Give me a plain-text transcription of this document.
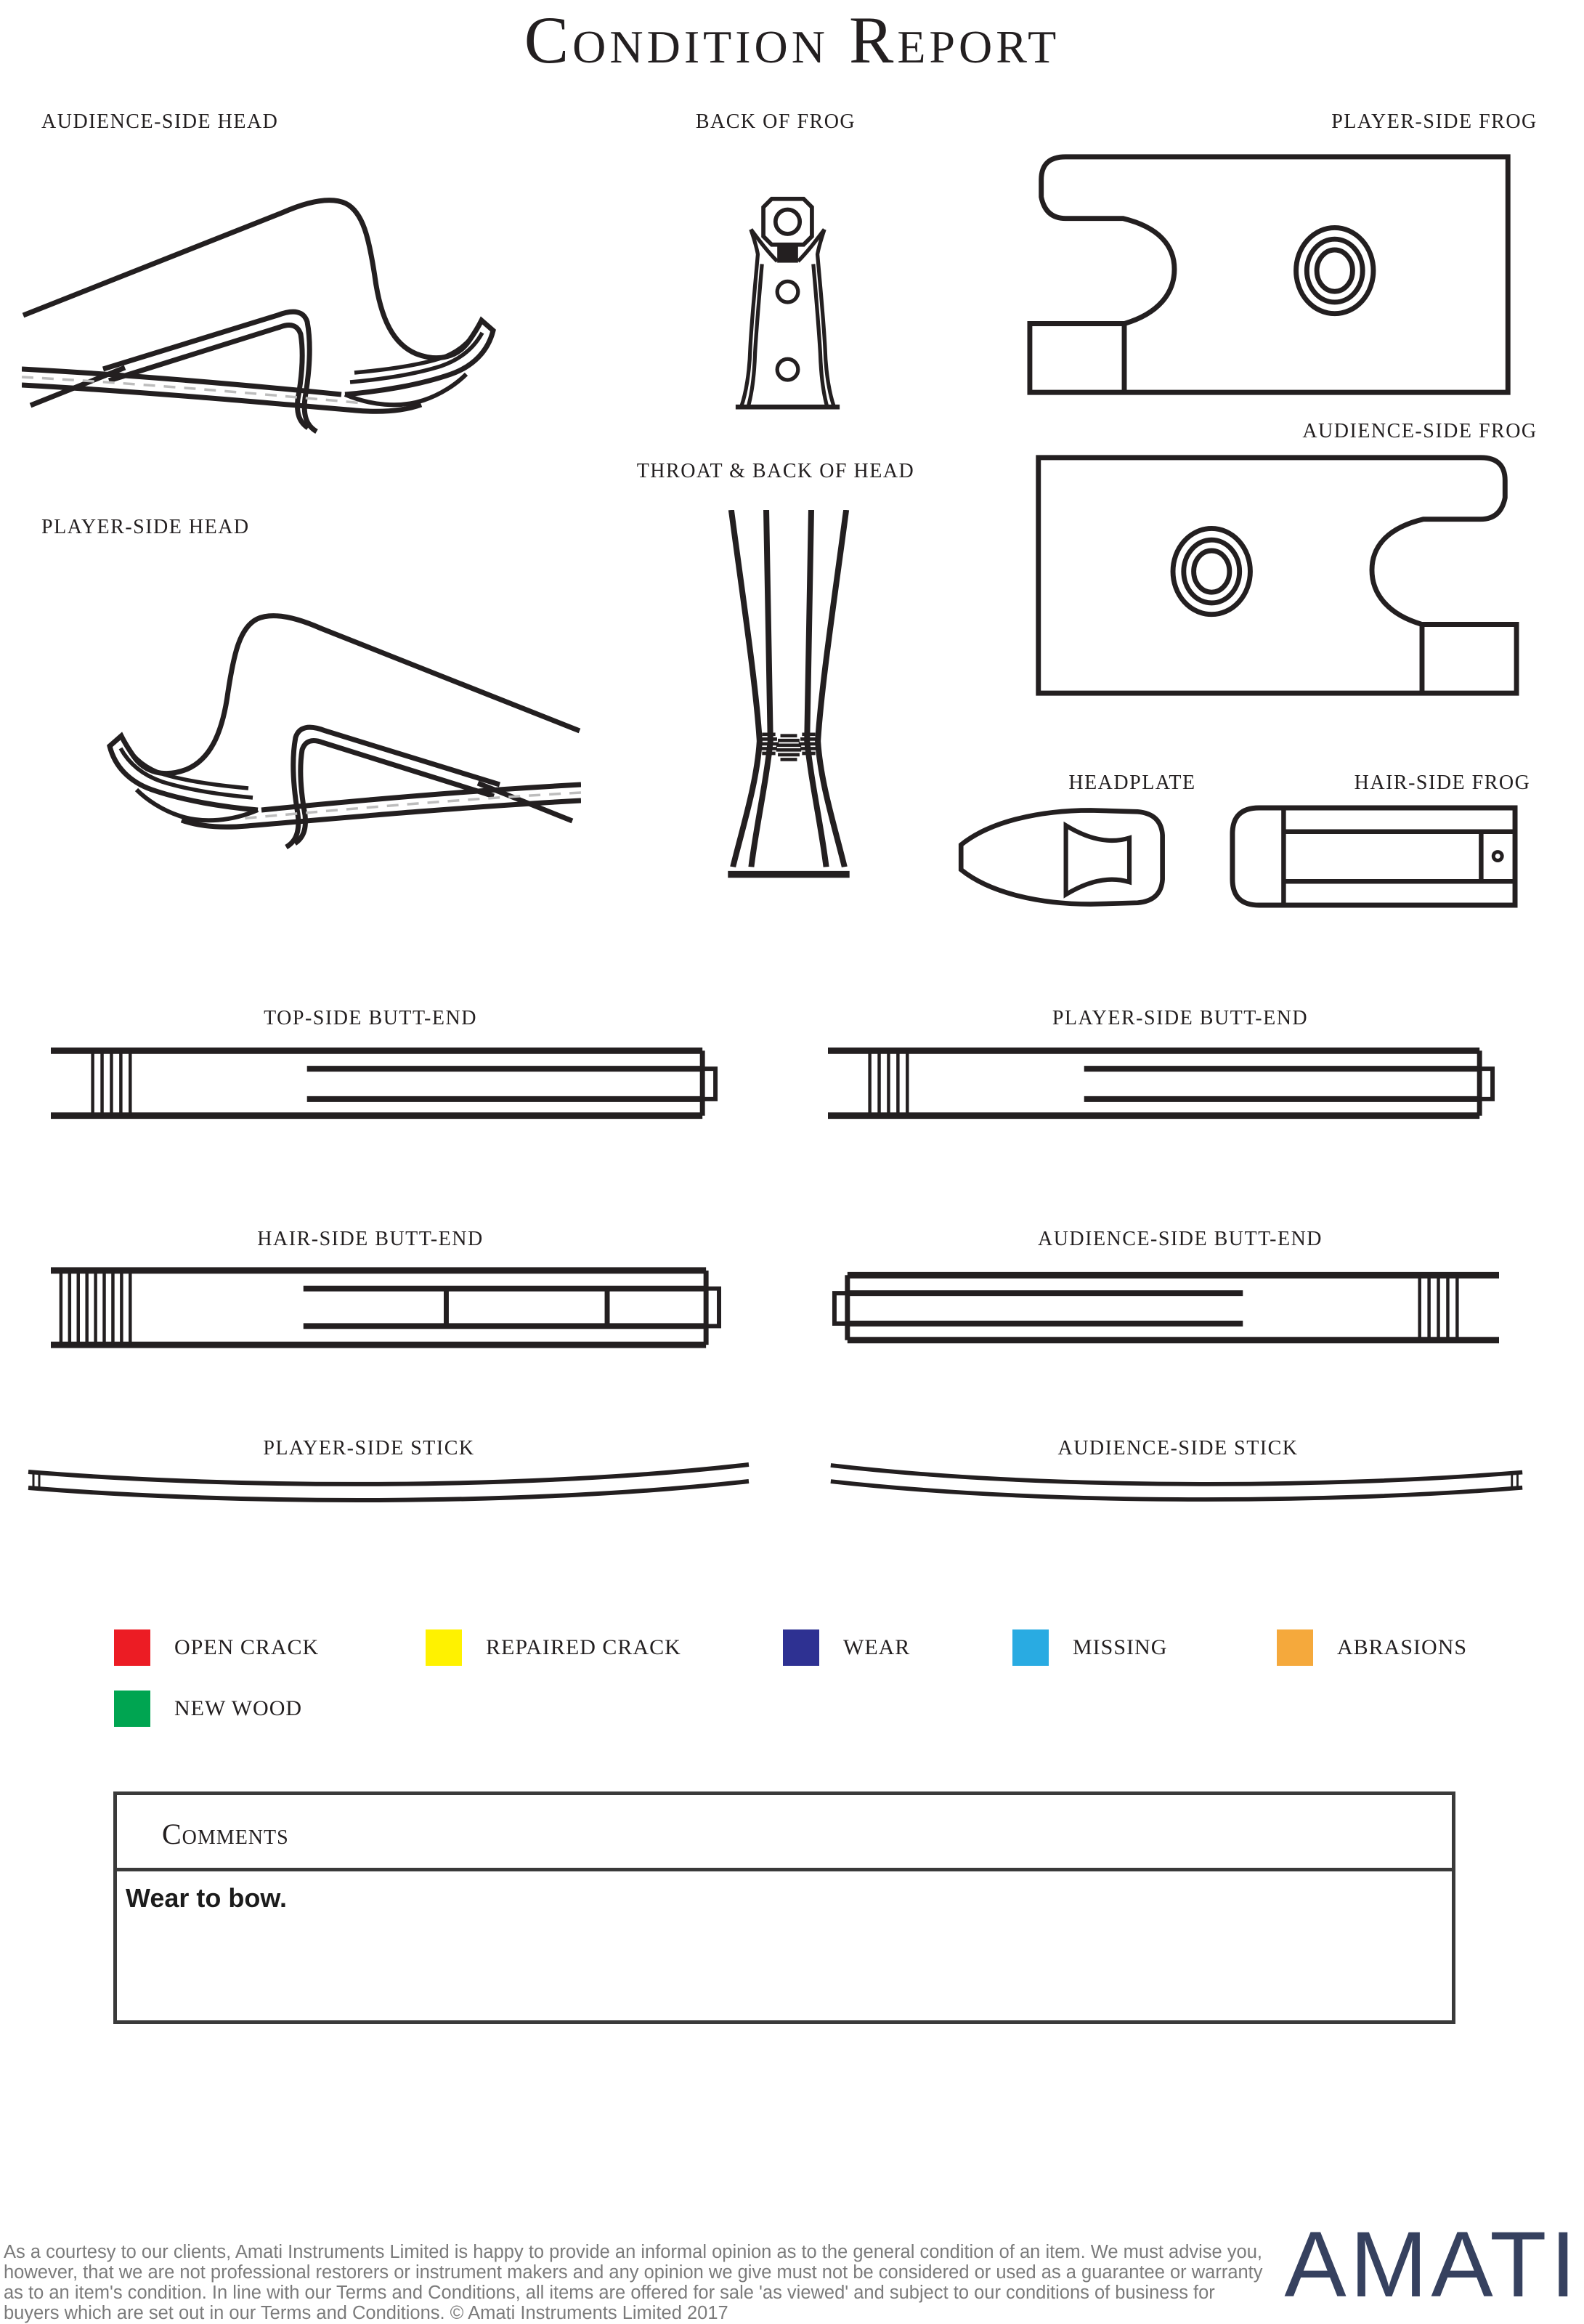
Condition Report
AUDIENCE-SIDE HEAD	BACK OF FROG	PLAYER-SIDE FROG
AUDIENCE-SIDE FROG
PLAYER-SIDE HEAD
THROAT & BACK OF HEAD
HEADPLATE	HAIR-SIDE FROG
TOP-SIDE BUTT-END	PLAYER-SIDE BUTT-END
HAIR-SIDE BUTT-END	AUDIENCE-SIDE BUTT-END
PLAYER-SIDE STICK	AUDIENCE-SIDE STICK
OPEN CRACK	REPAIRED CRACK	WEAR	MISSING	ABRASIONS
NEW WOOD
Comments
Wear to bow.
As a courtesy to our clients, Amati Instruments Limited is happy to provide an informal opinion as to the general condition of an item. We must advise you, however, that we are not professional restorers or instrument makers and any opinion we give must not be considered or used as a guarantee or warranty as to an item's condition. In line with our Terms and Conditions, all items are offered for sale 'as viewed' and subject to our conditions of business for buyers which are set out in our Terms and Conditions. © Amati Instruments Limited 2017	AMATI
